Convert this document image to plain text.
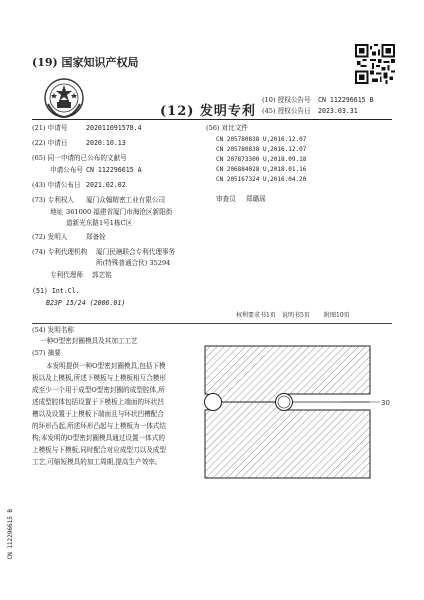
(19) 国家知识产权局
(12) 发明专利
(10) 授权公告号 CN 112296615 B
(45) 授权公告日 2023.03.31
(21) 申请号	202011091578.4
(22) 申请日	2020.10.13
(65) 同一申请的已公布的文献号
申请公布号 CN 112296615 A
(43) 申请公布日 2021.02.02
(73) 专利权人 厦门众翰精密工业有限公司
地址 361000 福建省厦门市海沧区新阳街
道新光东路1号1栋C区
(72) 发明人	郑备铨
(74) 专利代理机构 厦门民瑭联合专利代理事务
所(特殊普通合伙) 35294
专利代理师 郭艺铭
(51) Int.Cl.
B23P 15/24 (2006.01)
(56) 对比文件
CN 205780838 U,2016.12.07
CN 205780838 U,2016.12.07
CN 207873300 U,2018.09.18
CN 206884028 U,2018.01.16
CN 205167324 U,2016.04.20
审查员 郑璐瑶
权利要求书1页 说明书5页 附图10页
(54) 发明名称
一种O型密封圈模具及其加工工艺
(57) 摘要
本发明提供一种O型密封圈模具,包括下模
板以及上模板,所述下模板与上模板相互合模形
成至少一个用于成型O型密封圈的成型腔体,所
述成型腔体包括设置于下模板上端面的环状凹
槽以及设置于上模板下端面且与环状凹槽配合
的环形凸起,所述环形凸起与上模板为一体式结
构;本发明的O型密封圈模具通过设置一体式的
上模板与下模板,同时配合对应成型刀以及成型
工艺,可缩短模具的加工周期,提高生产效率。
30
CN 112296615 B
